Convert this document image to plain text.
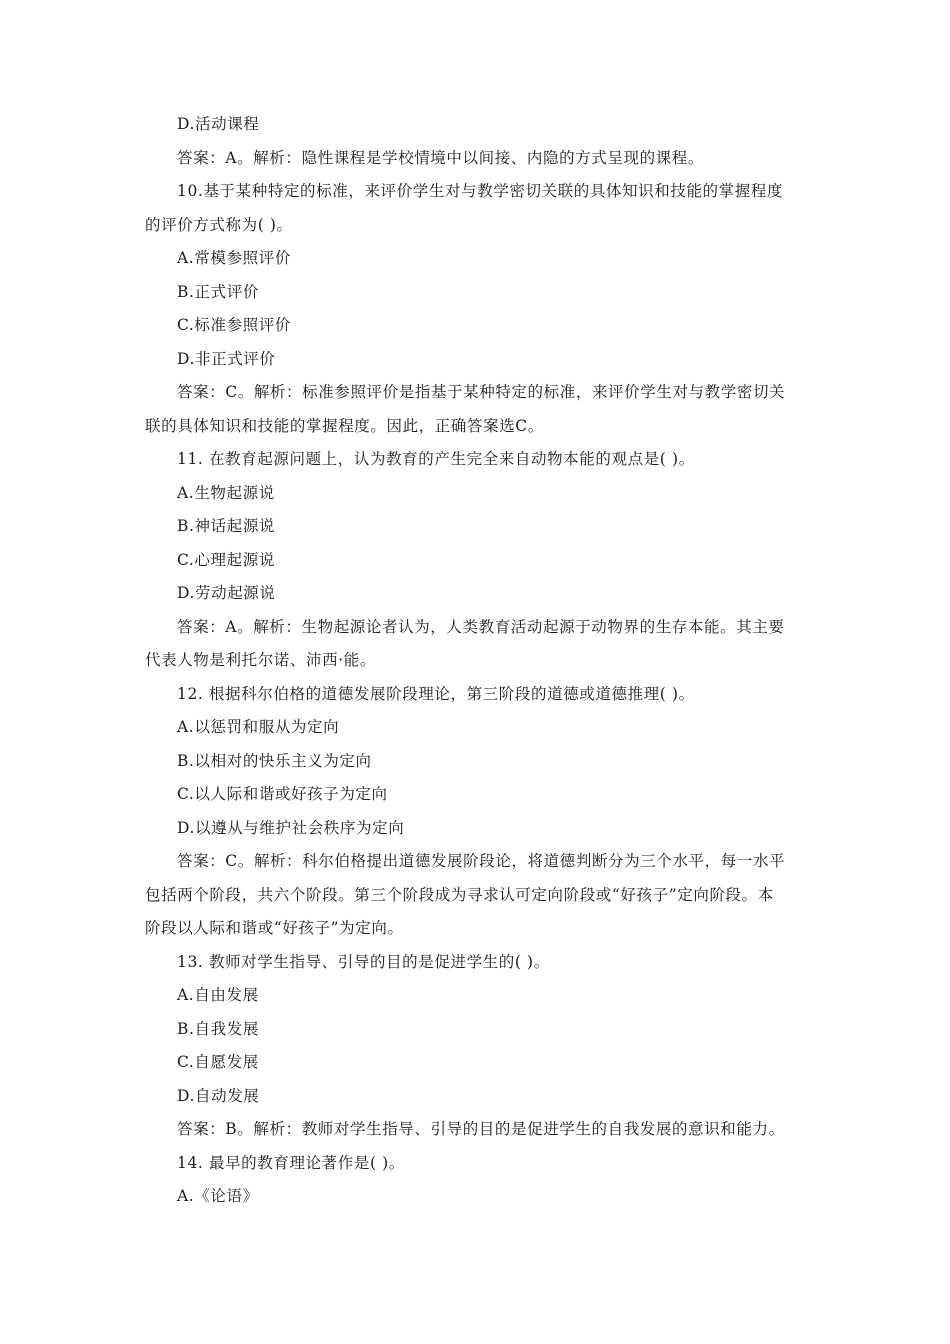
D.活动课程
答案：A。解析：隐性课程是学校情境中以间接、内隐的方式呈现的课程。
10.基于某种特定的标准，来评价学生对与教学密切关联的具体知识和技能的掌握程度
的评价方式称为( )。
A.常模参照评价
B.正式评价
C.标准参照评价
D.非正式评价
答案：C。解析：标准参照评价是指基于某种特定的标准，来评价学生对与教学密切关
联的具体知识和技能的掌握程度。因此，正确答案选C。
11. 在教育起源问题上，认为教育的产生完全来自动物本能的观点是( )。
A.生物起源说
B.神话起源说
C.心理起源说
D.劳动起源说
答案：A。解析：生物起源论者认为，人类教育活动起源于动物界的生存本能。其主要
代表人物是利托尔诺、沛西·能。
12. 根据科尔伯格的道德发展阶段理论，第三阶段的道德或道德推理( )。
A.以惩罚和服从为定向
B.以相对的快乐主义为定向
C.以人际和谐或好孩子为定向
D.以遵从与维护社会秩序为定向
答案：C。解析：科尔伯格提出道德发展阶段论，将道德判断分为三个水平，每一水平
包括两个阶段，共六个阶段。第三个阶段成为寻求认可定向阶段或“好孩子”定向阶段。本
阶段以人际和谐或“好孩子”为定向。
13. 教师对学生指导、引导的目的是促进学生的( )。
A.自由发展
B.自我发展
C.自愿发展
D.自动发展
答案：B。解析：教师对学生指导、引导的目的是促进学生的自我发展的意识和能力。
14. 最早的教育理论著作是( )。
A.《论语》
